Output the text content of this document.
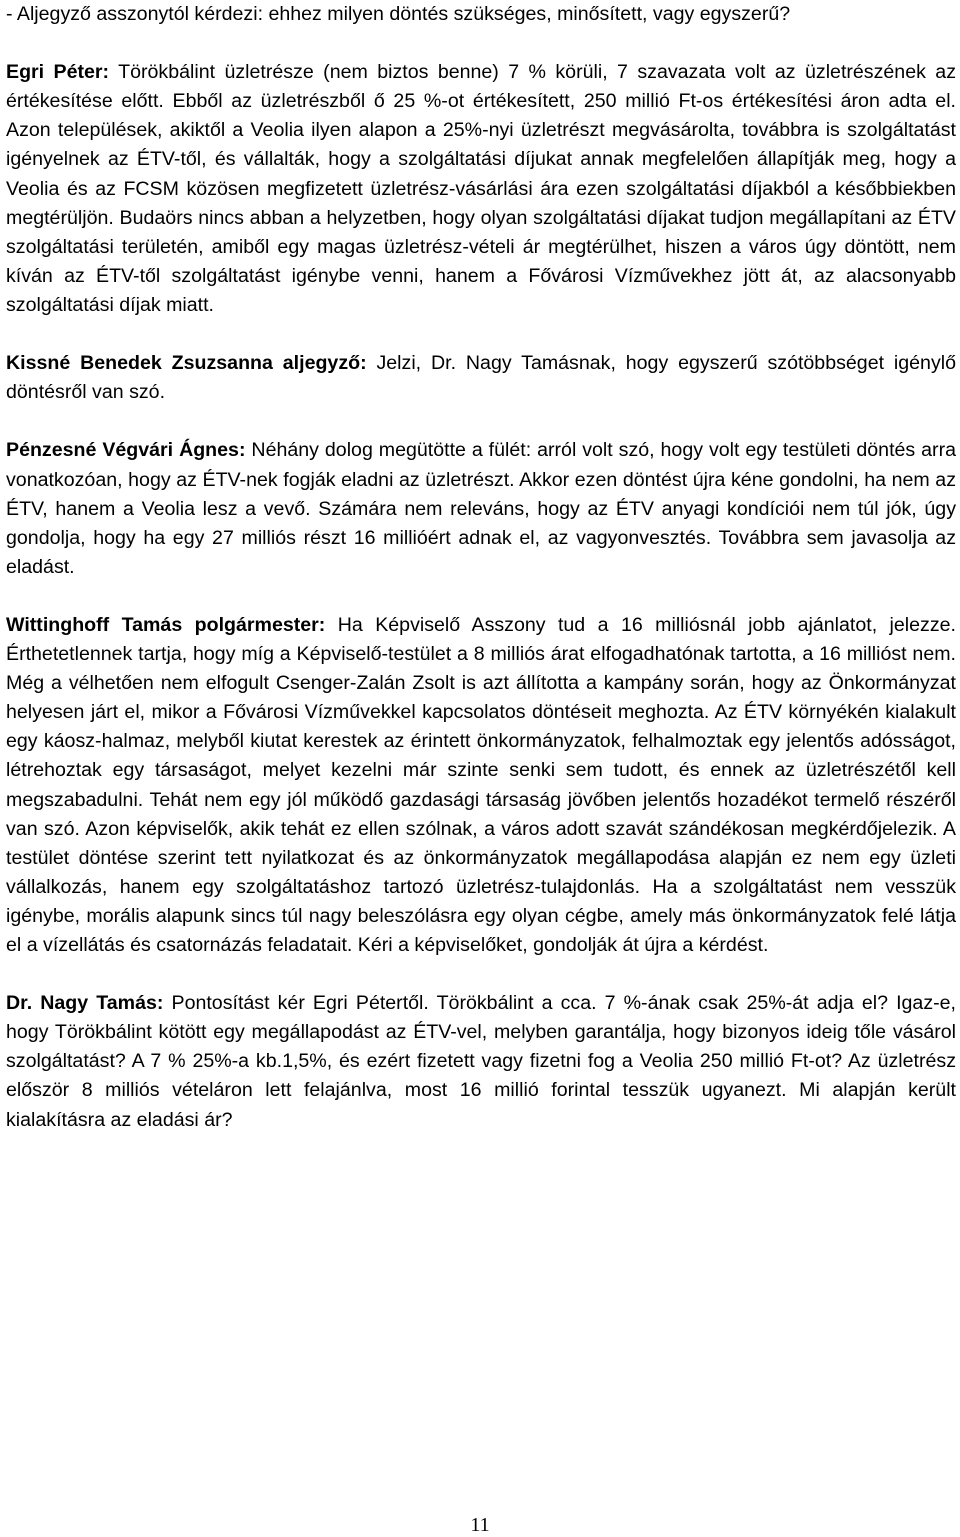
- Aljegyző asszonytól kérdezi: ehhez milyen döntés szükséges, minősített, vagy egyszerű?

Egri Péter: Törökbálint üzletrésze (nem biztos benne) 7 % körüli, 7 szavazata volt az üzletrészének az értékesítése előtt. Ebből az üzletrészből ő 25 %-ot értékesített, 250 millió Ft-os értékesítési áron adta el. Azon települések, akiktől a Veolia ilyen alapon a 25%-nyi üzletrészt megvásárolta, továbbra is szolgáltatást igényelnek az ÉTV-től, és vállalták, hogy a szolgáltatási díjukat annak megfelelően állapítják meg, hogy a Veolia és az FCSM közösen megfizetett üzletrész-vásárlási ára ezen szolgáltatási díjakból a későbbiekben megtérüljön. Budaörs nincs abban a helyzetben, hogy olyan szolgáltatási díjakat tudjon megállapítani az ÉTV szolgáltatási területén, amiből egy magas üzletrész-vételi ár megtérülhet, hiszen a város úgy döntött, nem kíván az ÉTV-től szolgáltatást igénybe venni, hanem a Fővárosi Vízművekhez jött át, az alacsonyabb szolgáltatási díjak miatt.

Kissné Benedek Zsuzsanna aljegyző: Jelzi, Dr. Nagy Tamásnak, hogy egyszerű szótöbbséget igénylő döntésről van szó.

Pénzesné Végvári Ágnes: Néhány dolog megütötte a fülét: arról volt szó, hogy volt egy testületi döntés arra vonatkozóan, hogy az ÉTV-nek fogják eladni az üzletrészt. Akkor ezen döntést újra kéne gondolni, ha nem az ÉTV, hanem a Veolia lesz a vevő. Számára nem releváns, hogy az ÉTV anyagi kondíciói nem túl jók, úgy gondolja, hogy ha egy 27 milliós részt 16 millióért adnak el, az vagyonvesztés. Továbbra sem javasolja az eladást.

Wittinghoff Tamás polgármester: Ha Képviselő Asszony tud a 16 milliósnál jobb ajánlatot, jelezze. Érthetetlennek tartja, hogy míg a Képviselő-testület a 8 milliós árat elfogadhatónak tartotta, a 16 millióst nem. Még a vélhetően nem elfogult Csenger-Zalán Zsolt is azt állította a kampány során, hogy az Önkormányzat helyesen járt el, mikor a Fővárosi Vízművekkel kapcsolatos döntéseit meghozta. Az ÉTV környékén kialakult egy káosz-halmaz, melyből kiutat kerestek az érintett önkormányzatok, felhalmoztak egy jelentős adósságot, létrehoztak egy társaságot, melyet kezelni már szinte senki sem tudott, és ennek az üzletrészétől kell megszabadulni. Tehát nem egy jól működő gazdasági társaság jövőben jelentős hozadékot termelő részéről van szó. Azon képviselők, akik tehát ez ellen szólnak, a város adott szavát szándékosan megkérdőjelezik. A testület döntése szerint tett nyilatkozat és az önkormányzatok megállapodása alapján ez nem egy üzleti vállalkozás, hanem egy szolgáltatáshoz tartozó üzletrész-tulajdonlás. Ha a szolgáltatást nem vesszük igénybe, morális alapunk sincs túl nagy beleszólásra egy olyan cégbe, amely más önkormányzatok felé látja el a vízellátás és csatornázás feladatait. Kéri a képviselőket, gondolják át újra a kérdést.

Dr. Nagy Tamás: Pontosítást kér Egri Pétertől. Törökbálint a cca. 7 %-ának csak 25%-át adja el? Igaz-e, hogy Törökbálint kötött egy megállapodást az ÉTV-vel, melyben garantálja, hogy bizonyos ideig tőle vásárol szolgáltatást? A 7 % 25%-a kb.1,5%, és ezért fizetett vagy fizetni fog a Veolia 250 millió Ft-ot? Az üzletrész először 8 milliós vételáron lett felajánlva, most 16 millió forintal tesszük ugyanezt. Mi alapján került kialakításra az eladási ár?

11
